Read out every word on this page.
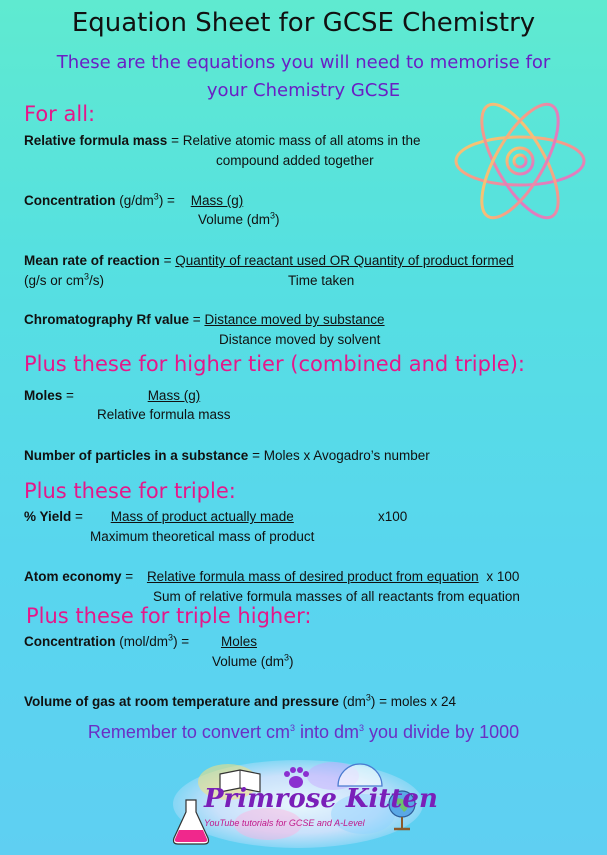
Equation Sheet for GCSE Chemistry
These are the equations you will need to memorise for
your Chemistry GCSE
For all:
Relative formula mass = Relative atomic mass of all atoms in the
compound added together
Concentration $(g/dm^3)$ = Mass (g)
Volume $(dm^3)$
Mean rate of reaction = Quantity of reactant used OR Quantity of product formed
(g/s or $cm^3/s$)	Time taken
Chromatography Rf value = Distance moved by substance
Distance moved by solvent
Plus these for higher tier (combined and triple):
Moles =	Mass (g)
Relative formula mass
Number of particles in a substance = Moles x Avogadro’s number
Plus these for triple:
% Yield = Mass of product actually made	x100
Maximum theoretical mass of product
Atom economy = Relative formula mass of desired product from equation x 100
Sum of relative formula masses of all reactants from equation
Plus these for triple higher:
Concentration $(mol/dm^3)$ = Moles
Volume $(dm^3)$
Volume of gas at room temperature and pressure $(dm^3)$ = moles x 24
Remember to convert $cm^3$ into $dm^3$ you divide by 1000
Primrose Kitten
YouTube tutorials for GCSE and A-Level
